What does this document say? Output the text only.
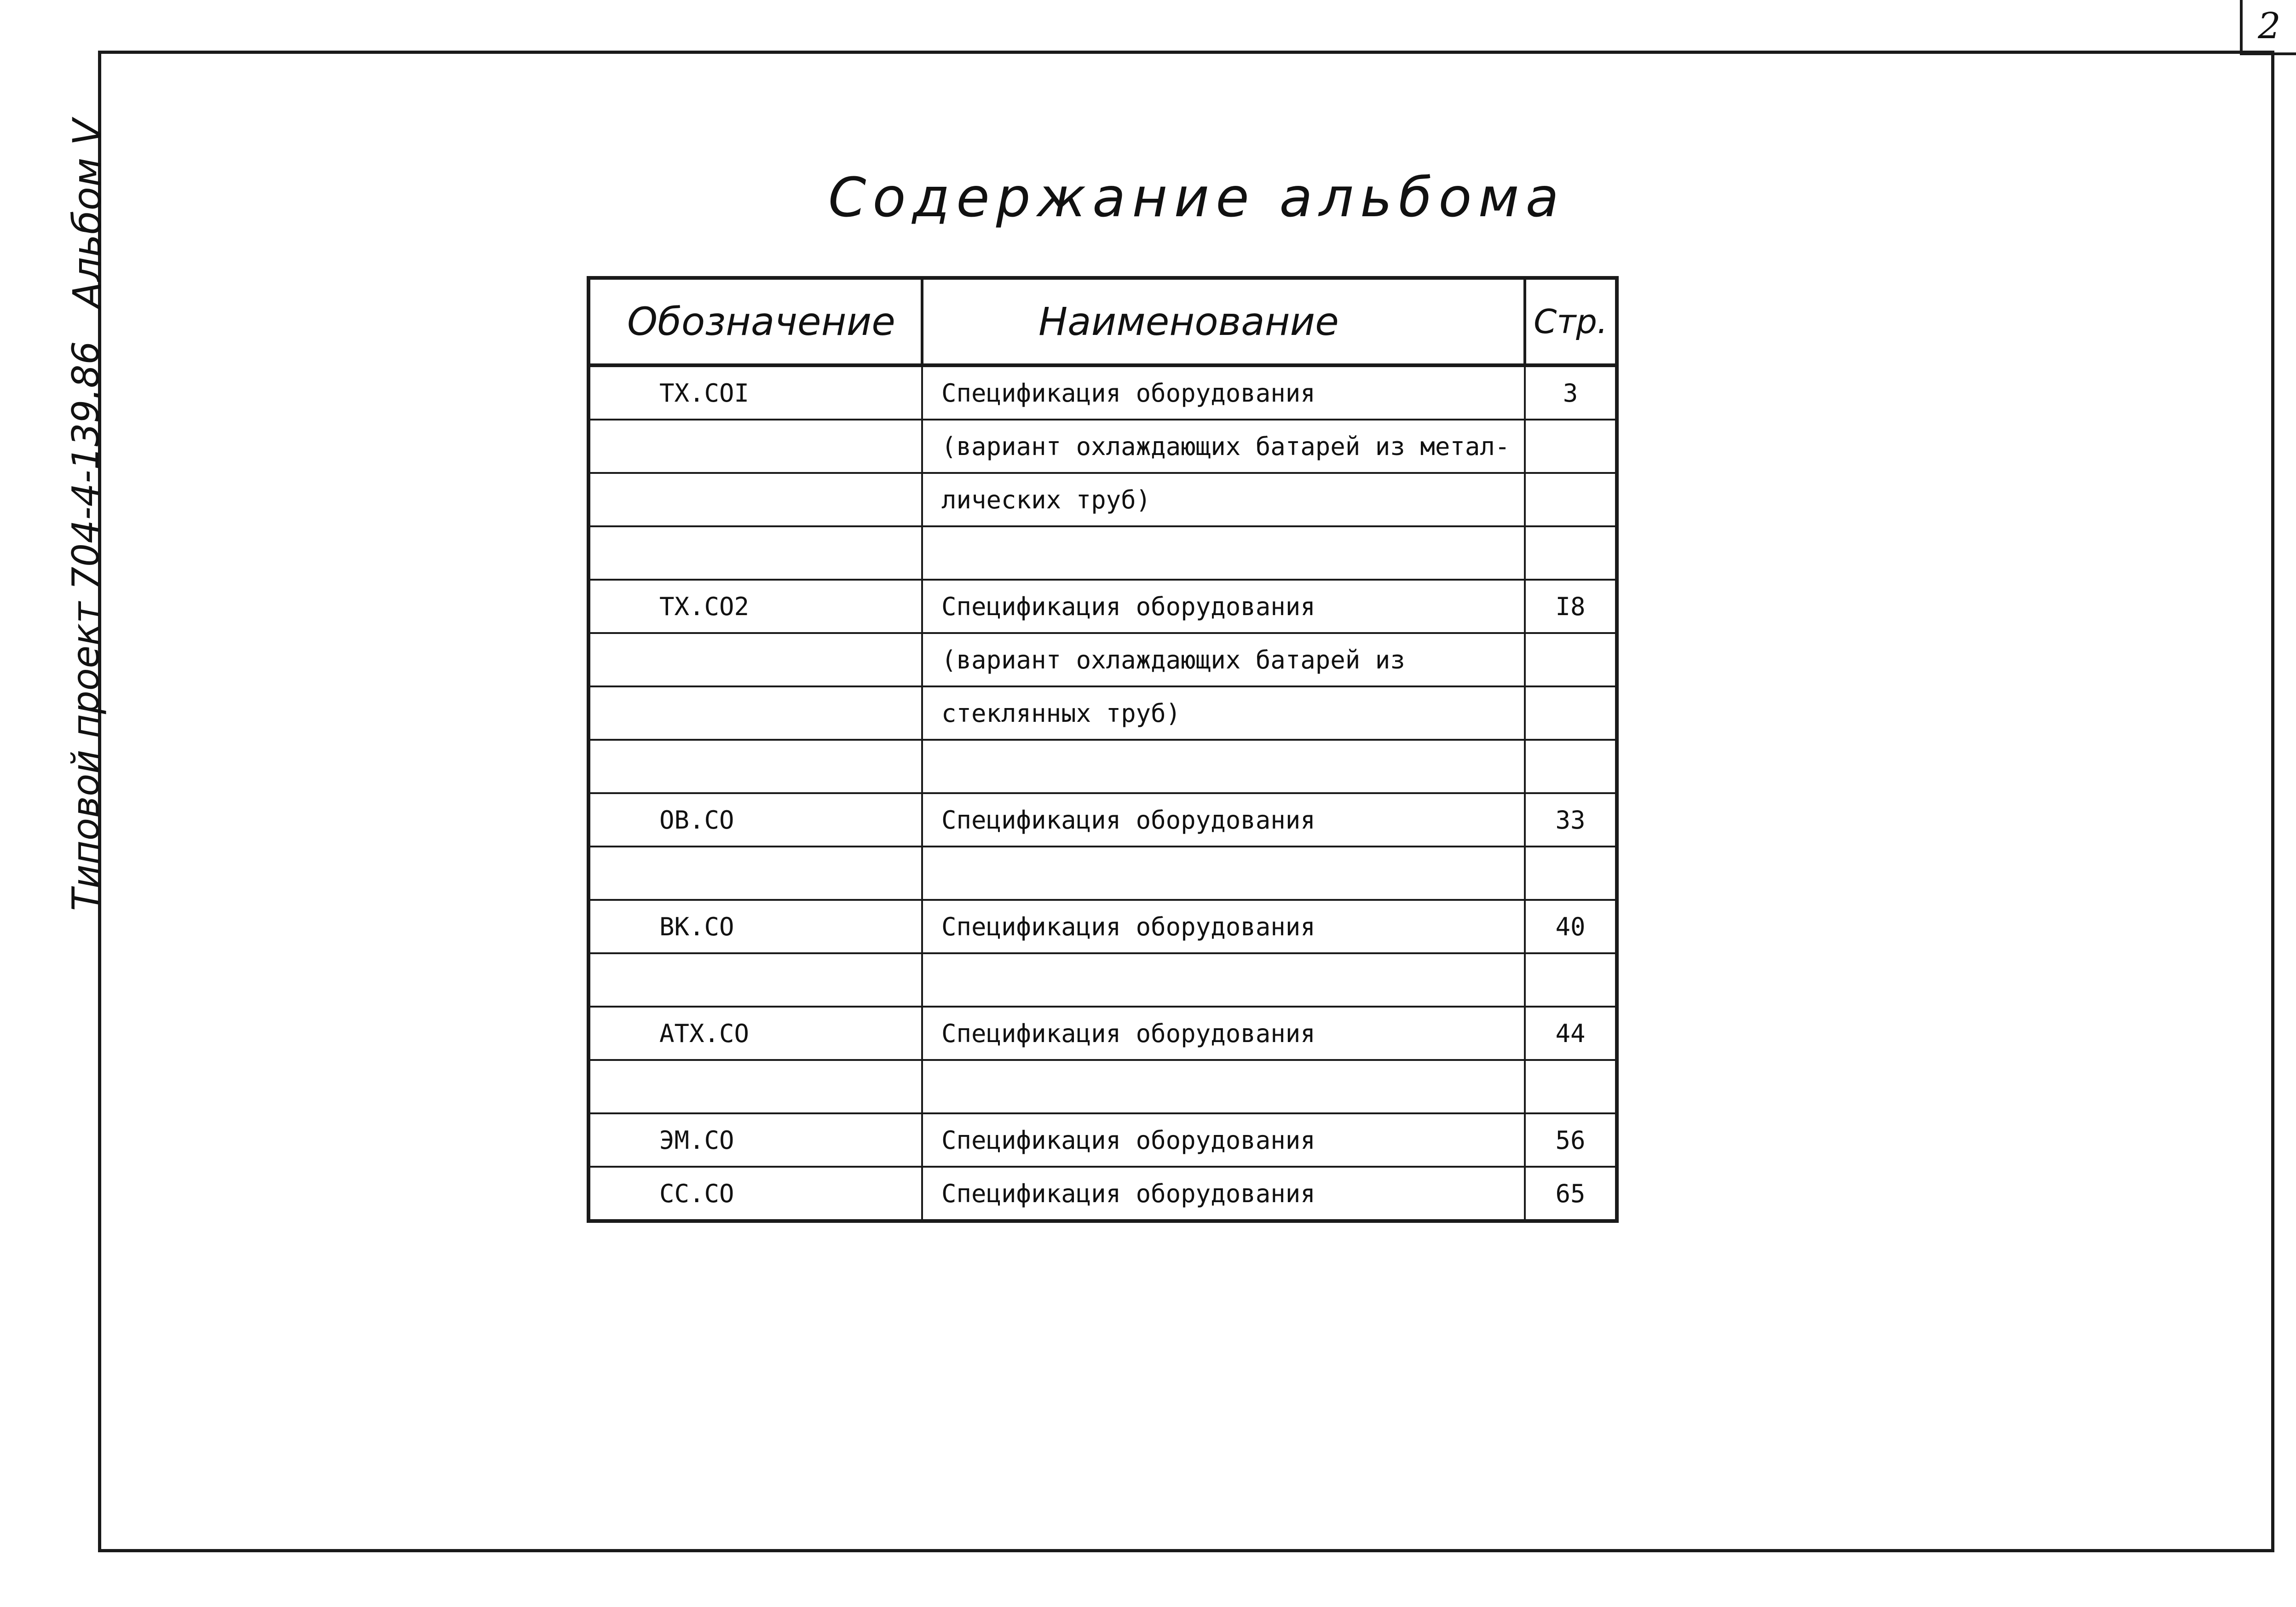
2
Альбом V
Типовой проект 704-4-139.86
Содержание альбома
Обозначение	Наименование	Стр.
ТХ.СОI	Спецификация оборудования	3
	(вариант охлаждающих батарей из метал-	
	лических труб)	

ТХ.СО2	Спецификация оборудования	I8
	(вариант охлаждающих батарей из	
	стеклянных труб)	

ОВ.СО	Спецификация оборудования	33

ВК.СО	Спецификация оборудования	40

АТХ.СО	Спецификация оборудования	44

ЭМ.СО	Спецификация оборудования	56
СС.СО	Спецификация оборудования	65
